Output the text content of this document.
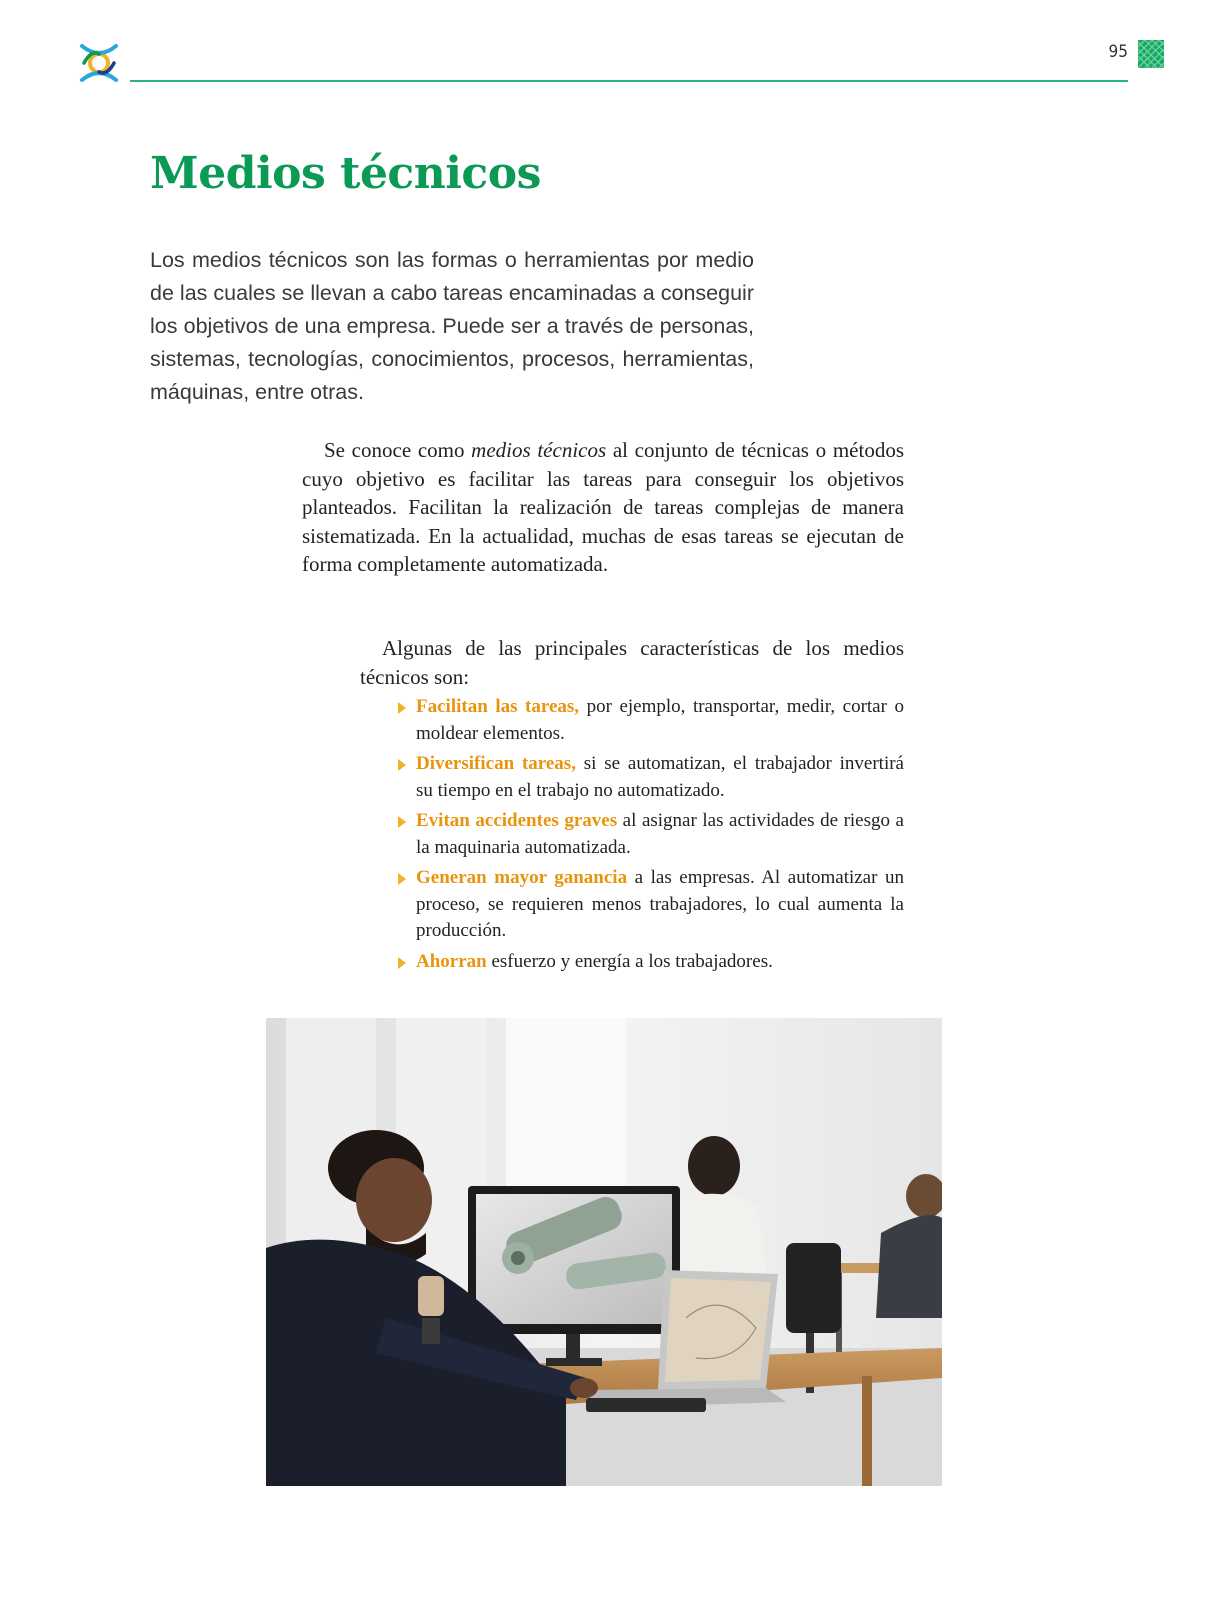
95
Medios técnicos

Los medios técnicos son las formas o herramientas por medio de las cuales se llevan a cabo tareas encaminadas a conseguir los objetivos de una empresa. Puede ser a través de personas, sistemas, tecnologías, conocimientos, procesos, herramientas, máquinas, entre otras.

Se conoce como medios técnicos al conjunto de técnicas o métodos cuyo objetivo es facilitar las tareas para conseguir los objetivos planteados. Facilitan la realización de tareas complejas de manera sistematizada. En la actualidad, muchas de esas tareas se ejecutan de forma completamente automatizada.

Algunas de las principales características de los medios técnicos son:

Facilitan las tareas, por ejemplo, transportar, medir, cortar o moldear elementos.
Diversifican tareas, si se automatizan, el trabajador invertirá su tiempo en el trabajo no automatizado.
Evitan accidentes graves al asignar las actividades de riesgo a la maquinaria automatizada.
Generan mayor ganancia a las empresas. Al automatizar un proceso, se requieren menos trabajadores, lo cual aumenta la producción.
Ahorran esfuerzo y energía a los trabajadores.
